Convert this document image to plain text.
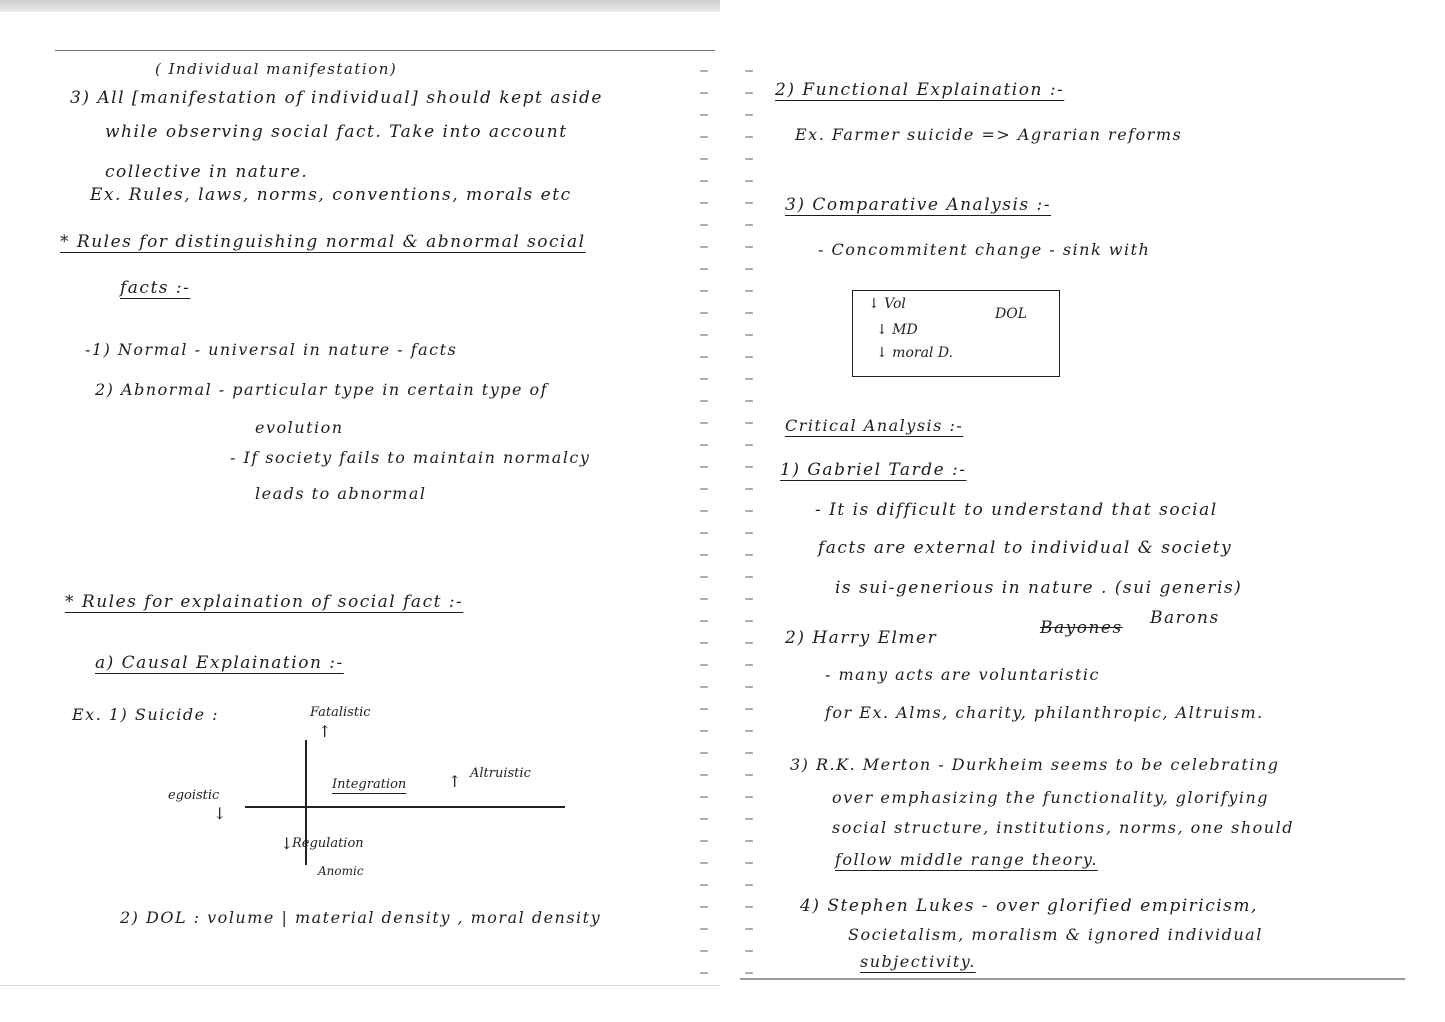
( Individual manifestation)
3) All [manifestation of individual] should kept aside
while observing social fact. Take into account
collective in nature.
Ex. Rules, laws, norms, conventions, morals etc
* Rules for distinguishing normal & abnormal social
facts :-
-1) Normal - universal in nature - facts
2) Abnormal - particular type in certain type of
evolution
- If society fails to maintain normalcy
leads to abnormal
* Rules for explaination of social fact :-
a) Causal Explaination :-
Ex. 1) Suicide :	Fatalistic
↑
Integration	↑ Altruistic
egoistic
↓
↓
Regulation
Anomic
2) DOL : volume | material density , moral density
2) Functional Explaination :-
Ex. Farmer suicide => Agrarian reforms
3) Comparative Analysis :-
- Concommitent change - sink with
↓ Vol
↓ MD
↓ moral D.
DOL
Critical Analysis :-
1) Gabriel Tarde :-
- It is difficult to understand that social
facts are external to individual & society
is sui-generious in nature . (sui generis)
2) Harry Elmer	Bayones Barons
- many acts are voluntaristic
for Ex. Alms, charity, philanthropic, Altruism.
3) R.K. Merton - Durkheim seems to be celebrating
over emphasizing the functionality, glorifying
social structure, institutions, norms, one should
follow middle range theory.
4) Stephen Lukes - over glorified empiricism,
Societalism, moralism & ignored individual
subjectivity.
